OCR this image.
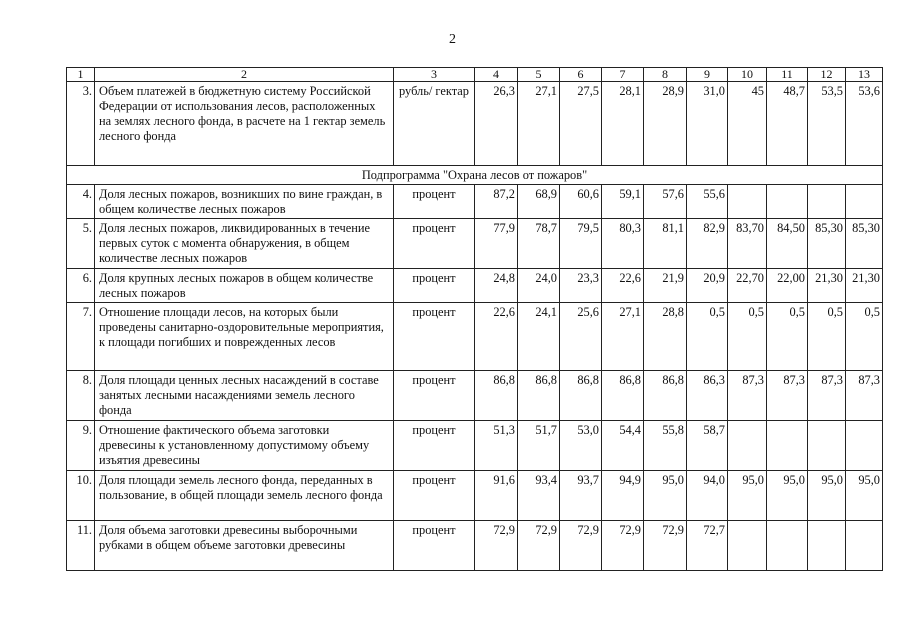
2
1	2	3	4	5	6	7	8	9	10	11	12	13
3.	Объем платежей в бюджетную систему Российской Федерации от использования лесов, расположенных на землях лесного фонда, в расчете на 1 гектар земель лесного фонда	рубль/ гектар	26,3	27,1	27,5	28,1	28,9	31,0	45	48,7	53,5	53,6
Подпрограмма "Охрана лесов от пожаров"												
4.	Доля лесных пожаров, возникших по вине граждан, в общем количестве лесных пожаров	процент	87,2	68,9	60,6	59,1	57,6	55,6				
5.	Доля лесных пожаров, ликвидированных в течение первых суток с момента обнаружения, в общем количестве лесных пожаров	процент	77,9	78,7	79,5	80,3	81,1	82,9	83,70	84,50	85,30	85,30
6.	Доля крупных лесных пожаров в общем количестве лесных пожаров	процент	24,8	24,0	23,3	22,6	21,9	20,9	22,70	22,00	21,30	21,30
7.	Отношение площади лесов, на которых были проведены санитарно-оздоровительные мероприятия, к площади погибших и поврежденных лесов	процент	22,6	24,1	25,6	27,1	28,8	0,5	0,5	0,5	0,5	0,5
8.	Доля площади ценных лесных насаждений в составе занятых лесными насаждениями земель лесного фонда	процент	86,8	86,8	86,8	86,8	86,8	86,3	87,3	87,3	87,3	87,3
9.	Отношение фактического объема заготовки древесины к установленному допустимому объему изъятия древесины	процент	51,3	51,7	53,0	54,4	55,8	58,7				
10.	Доля площади земель лесного фонда, переданных в пользование, в общей площади земель лесного фонда	процент	91,6	93,4	93,7	94,9	95,0	94,0	95,0	95,0	95,0	95,0
11.	Доля объема заготовки древесины выборочными рубками в общем объеме заготовки древесины	процент	72,9	72,9	72,9	72,9	72,9	72,7				
